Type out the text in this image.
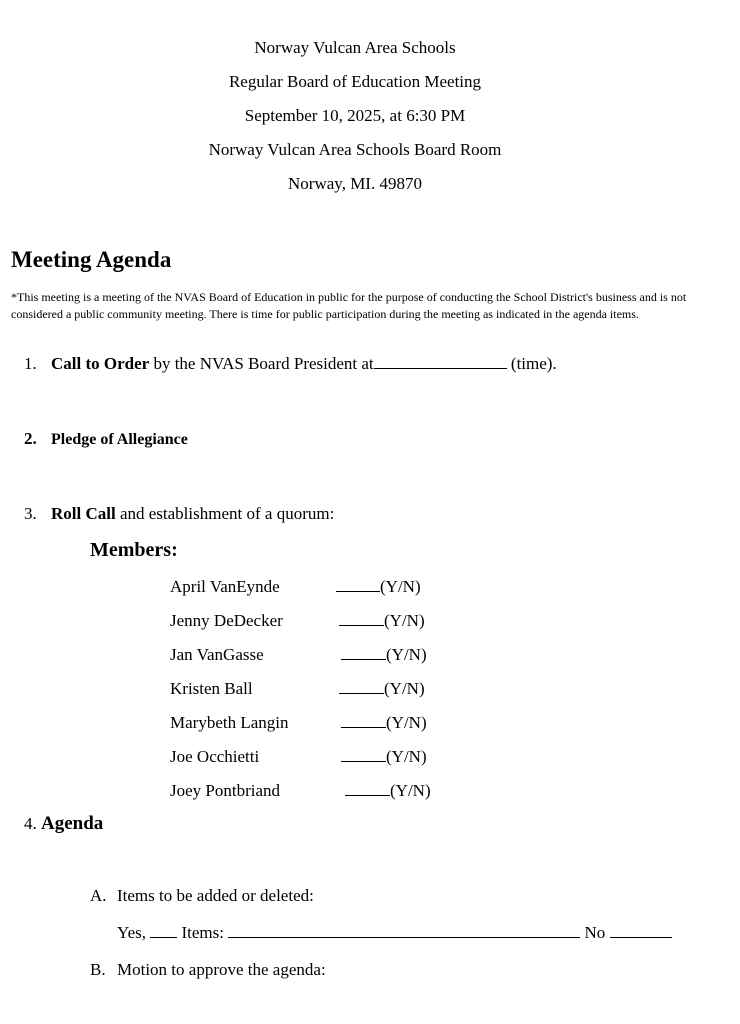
Norway Vulcan Area Schools
Regular Board of Education Meeting
September 10, 2025, at 6:30 PM
Norway Vulcan Area Schools Board Room
Norway, MI. 49870
Meeting Agenda
*This meeting is a meeting of the NVAS Board of Education in public for the purpose of conducting the School District's business and is not considered a public community meeting. There is time for public participation during the meeting as indicated in the agenda items.
1. Call to Order by the NVAS Board President at	(time).
2. Pledge of Allegiance
3. Roll Call and establishment of a quorum:
Members:
April VanEynde	(Y/N)
Jenny DeDecker	(Y/N)
Jan VanGasse	(Y/N)
Kristen Ball	(Y/N)
Marybeth Langin	(Y/N)
Joe Occhietti	(Y/N)
Joey Pontbriand	(Y/N)
4. Agenda
A. Items to be added or deleted:
Yes, Items:	No
B. Motion to approve the agenda:
